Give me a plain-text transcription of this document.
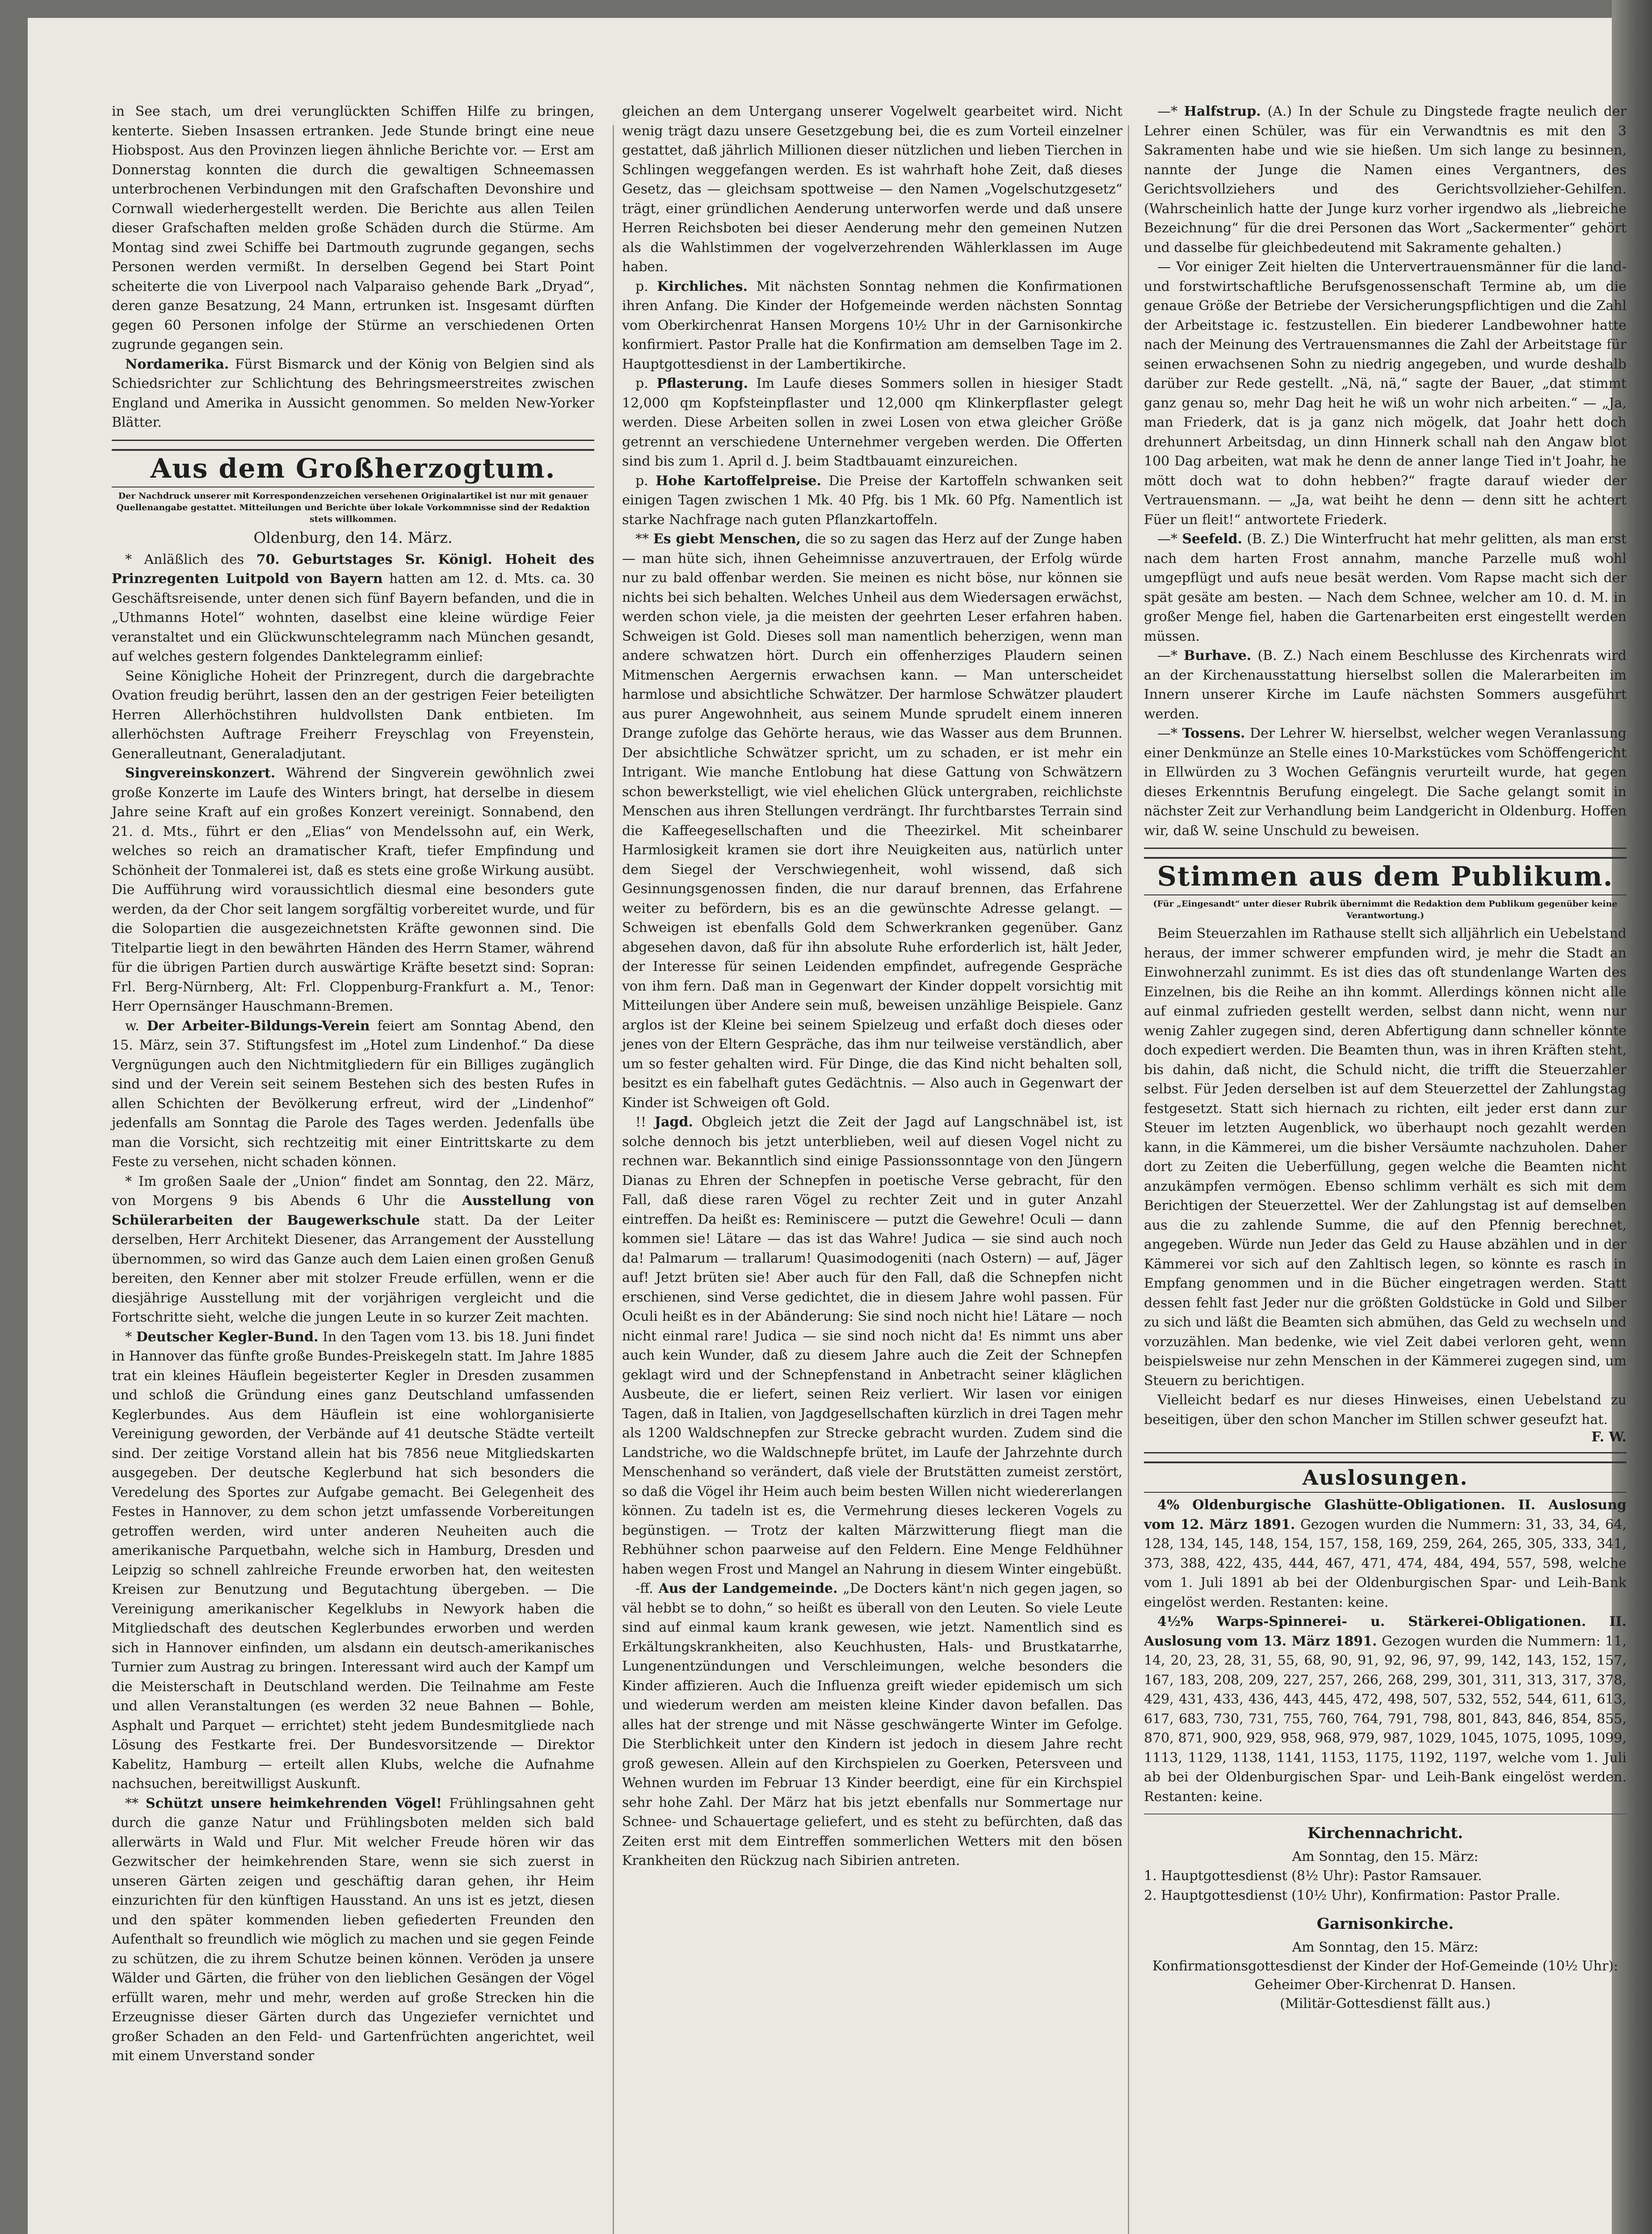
in See stach, um drei verunglückten Schiffen Hilfe zu bringen, kenterte. Sieben Insassen ertranken. Jede Stunde bringt eine neue Hiobspost. Aus den Provinzen liegen ähnliche Berichte vor. — Erst am Donnerstag konnten die durch die gewaltigen Schneemassen unterbrochenen Verbindungen mit den Grafschaften Devonshire und Cornwall wiederhergestellt werden. Die Berichte aus allen Teilen dieser Grafschaften melden große Schäden durch die Stürme. Am Montag sind zwei Schiffe bei Dartmouth zugrunde gegangen, sechs Personen werden vermißt. In derselben Gegend bei Start Point scheiterte die von Liverpool nach Valparaiso gehende Bark „Dryad“, deren ganze Besatzung, 24 Mann, ertrunken ist. Insgesamt dürften gegen 60 Personen infolge der Stürme an verschiedenen Orten zugrunde gegangen sein.

Nordamerika. Fürst Bismarck und der König von Belgien sind als Schiedsrichter zur Schlichtung des Behringsmeerstreites zwischen England und Amerika in Aussicht genommen. So melden New-Yorker Blätter.

Aus dem Großherzogtum.
Der Nachdruck unserer mit Korrespondenzzeichen versehenen Originalartikel ist nur mit genauer Quellenangabe gestattet. Mitteilungen und Berichte über lokale Vorkommnisse sind der Redaktion stets willkommen.
Oldenburg, den 14. März.

* Anläßlich des 70. Geburtstages Sr. Königl. Hoheit des Prinzregenten Luitpold von Bayern hatten am 12. d. Mts. ca. 30 Geschäftsreisende, unter denen sich fünf Bayern befanden, und die in „Uthmanns Hotel“ wohnten, daselbst eine kleine würdige Feier veranstaltet und ein Glückwunschtelegramm nach München gesandt, auf welches gestern folgendes Danktelegramm einlief:

Seine Königliche Hoheit der Prinzregent, durch die dargebrachte Ovation freudig berührt, lassen den an der gestrigen Feier beteiligten Herren Allerhöchstihren huldvollsten Dank entbieten. Im allerhöchsten Auftrage Freiherr Freyschlag von Freyenstein, Generalleutnant, Generaladjutant.

Singvereinskonzert. Während der Singverein gewöhnlich zwei große Konzerte im Laufe des Winters bringt, hat derselbe in diesem Jahre seine Kraft auf ein großes Konzert vereinigt. Sonnabend, den 21. d. Mts., führt er den „Elias“ von Mendelssohn auf, ein Werk, welches so reich an dramatischer Kraft, tiefer Empfindung und Schönheit der Tonmalerei ist, daß es stets eine große Wirkung ausübt. Die Aufführung wird voraussichtlich diesmal eine besonders gute werden, da der Chor seit langem sorgfältig vorbereitet wurde, und für die Solopartien die ausgezeichnetsten Kräfte gewonnen sind. Die Titelpartie liegt in den bewährten Händen des Herrn Stamer, während für die übrigen Partien durch auswärtige Kräfte besetzt sind: Sopran: Frl. Berg-Nürnberg, Alt: Frl. Cloppenburg-Frankfurt a. M., Tenor: Herr Opernsänger Hauschmann-Bremen.

w. Der Arbeiter-Bildungs-Verein feiert am Sonntag Abend, den 15. März, sein 37. Stiftungsfest im „Hotel zum Lindenhof.“ Da diese Vergnügungen auch den Nichtmitgliedern für ein Billiges zugänglich sind und der Verein seit seinem Bestehen sich des besten Rufes in allen Schichten der Bevölkerung erfreut, wird der „Lindenhof“ jedenfalls am Sonntag die Parole des Tages werden. Jedenfalls übe man die Vorsicht, sich rechtzeitig mit einer Eintrittskarte zu dem Feste zu versehen, nicht schaden können.

* Im großen Saale der „Union“ findet am Sonntag, den 22. März, von Morgens 9 bis Abends 6 Uhr die Ausstellung von Schülerarbeiten der Baugewerkschule statt. Da der Leiter derselben, Herr Architekt Diesener, das Arrangement der Ausstellung übernommen, so wird das Ganze auch dem Laien einen großen Genuß bereiten, den Kenner aber mit stolzer Freude erfüllen, wenn er die diesjährige Ausstellung mit der vorjährigen vergleicht und die Fortschritte sieht, welche die jungen Leute in so kurzer Zeit machten.

* Deutscher Kegler-Bund. In den Tagen vom 13. bis 18. Juni findet in Hannover das fünfte große Bundes-Preiskegeln statt. Im Jahre 1885 trat ein kleines Häuflein begeisterter Kegler in Dresden zusammen und schloß die Gründung eines ganz Deutschland umfassenden Keglerbundes. Aus dem Häuflein ist eine wohlorganisierte Vereinigung geworden, der Verbände auf 41 deutsche Städte verteilt sind. Der zeitige Vorstand allein hat bis 7856 neue Mitgliedskarten ausgegeben. Der deutsche Keglerbund hat sich besonders die Veredelung des Sportes zur Aufgabe gemacht. Bei Gelegenheit des Festes in Hannover, zu dem schon jetzt umfassende Vorbereitungen getroffen werden, wird unter anderen Neuheiten auch die amerikanische Parquetbahn, welche sich in Hamburg, Dresden und Leipzig so schnell zahlreiche Freunde erworben hat, den weitesten Kreisen zur Benutzung und Begutachtung übergeben. — Die Vereinigung amerikanischer Kegelklubs in Newyork haben die Mitgliedschaft des deutschen Keglerbundes erworben und werden sich in Hannover einfinden, um alsdann ein deutsch-amerikanisches Turnier zum Austrag zu bringen. Interessant wird auch der Kampf um die Meisterschaft in Deutschland werden. Die Teilnahme am Feste und allen Veranstaltungen (es werden 32 neue Bahnen — Bohle, Asphalt und Parquet — errichtet) steht jedem Bundesmitgliede nach Lösung des Festkarte frei. Der Bundesvorsitzende — Direktor Kabelitz, Hamburg — erteilt allen Klubs, welche die Aufnahme nachsuchen, bereitwilligst Auskunft.

** Schützt unsere heimkehrenden Vögel! Frühlingsahnen geht durch die ganze Natur und Frühlingsboten melden sich bald allerwärts in Wald und Flur. Mit welcher Freude hören wir das Gezwitscher der heimkehrenden Stare, wenn sie sich zuerst in unseren Gärten zeigen und geschäftig daran gehen, ihr Heim einzurichten für den künftigen Hausstand. An uns ist es jetzt, diesen und den später kommenden lieben gefiederten Freunden den Aufenthalt so freundlich wie möglich zu machen und sie gegen Feinde zu schützen, die zu ihrem Schutze beinen können. Veröden ja unsere Wälder und Gärten, die früher von den lieblichen Gesängen der Vögel erfüllt waren, mehr und mehr, werden auf große Strecken hin die Erzeugnisse dieser Gärten durch das Ungeziefer vernichtet und großer Schaden an den Feld- und Gartenfrüchten angerichtet, weil mit einem Unverstand sonder

gleichen an dem Untergang unserer Vogelwelt gearbeitet wird. Nicht wenig trägt dazu unsere Gesetzgebung bei, die es zum Vorteil einzelner gestattet, daß jährlich Millionen dieser nützlichen und lieben Tierchen in Schlingen weggefangen werden. Es ist wahrhaft hohe Zeit, daß dieses Gesetz, das — gleichsam spottweise — den Namen „Vogelschutzgesetz“ trägt, einer gründlichen Aenderung unterworfen werde und daß unsere Herren Reichsboten bei dieser Aenderung mehr den gemeinen Nutzen als die Wahlstimmen der vogelverzehrenden Wählerklassen im Auge haben.

p. Kirchliches. Mit nächsten Sonntag nehmen die Konfirmationen ihren Anfang. Die Kinder der Hofgemeinde werden nächsten Sonntag vom Oberkirchenrat Hansen Morgens 10½ Uhr in der Garnisonkirche konfirmiert. Pastor Pralle hat die Konfirmation am demselben Tage im 2. Hauptgottesdienst in der Lambertikirche.

p. Pflasterung. Im Laufe dieses Sommers sollen in hiesiger Stadt 12,000 qm Kopfsteinpflaster und 12,000 qm Klinkerpflaster gelegt werden. Diese Arbeiten sollen in zwei Losen von etwa gleicher Größe getrennt an verschiedene Unternehmer vergeben werden. Die Offerten sind bis zum 1. April d. J. beim Stadtbauamt einzureichen.

p. Hohe Kartoffelpreise. Die Preise der Kartoffeln schwanken seit einigen Tagen zwischen 1 Mk. 40 Pfg. bis 1 Mk. 60 Pfg. Namentlich ist starke Nachfrage nach guten Pflanzkartoffeln.

** Es giebt Menschen, die so zu sagen das Herz auf der Zunge haben — man hüte sich, ihnen Geheimnisse anzuvertrauen, der Erfolg würde nur zu bald offenbar werden. Sie meinen es nicht böse, nur können sie nichts bei sich behalten. Welches Unheil aus dem Wiedersagen erwächst, werden schon viele, ja die meisten der geehrten Leser erfahren haben. Schweigen ist Gold. Dieses soll man namentlich beherzigen, wenn man andere schwatzen hört. Durch ein offenherziges Plaudern seinen Mitmenschen Aergernis erwachsen kann. — Man unterscheidet harmlose und absichtliche Schwätzer. Der harmlose Schwätzer plaudert aus purer Angewohnheit, aus seinem Munde sprudelt einem inneren Drange zufolge das Gehörte heraus, wie das Wasser aus dem Brunnen. Der absichtliche Schwätzer spricht, um zu schaden, er ist mehr ein Intrigant. Wie manche Entlobung hat diese Gattung von Schwätzern schon bewerkstelligt, wie viel ehelichen Glück untergraben, reichlichste Menschen aus ihren Stellungen verdrängt. Ihr furchtbarstes Terrain sind die Kaffeegesellschaften und die Theezirkel. Mit scheinbarer Harmlosigkeit kramen sie dort ihre Neuigkeiten aus, natürlich unter dem Siegel der Verschwiegenheit, wohl wissend, daß sich Gesinnungsgenossen finden, die nur darauf brennen, das Erfahrene weiter zu befördern, bis es an die gewünschte Adresse gelangt. — Schweigen ist ebenfalls Gold dem Schwerkranken gegenüber. Ganz abgesehen davon, daß für ihn absolute Ruhe erforderlich ist, hält Jeder, der Interesse für seinen Leidenden empfindet, aufregende Gespräche von ihm fern. Daß man in Gegenwart der Kinder doppelt vorsichtig mit Mitteilungen über Andere sein muß, beweisen unzählige Beispiele. Ganz arglos ist der Kleine bei seinem Spielzeug und erfaßt doch dieses oder jenes von der Eltern Gespräche, das ihm nur teilweise verständlich, aber um so fester gehalten wird. Für Dinge, die das Kind nicht behalten soll, besitzt es ein fabelhaft gutes Gedächtnis. — Also auch in Gegenwart der Kinder ist Schweigen oft Gold.

!! Jagd. Obgleich jetzt die Zeit der Jagd auf Langschnäbel ist, ist solche dennoch bis jetzt unterblieben, weil auf diesen Vogel nicht zu rechnen war. Bekanntlich sind einige Passionssonntage von den Jüngern Dianas zu Ehren der Schnepfen in poetische Verse gebracht, für den Fall, daß diese raren Vögel zu rechter Zeit und in guter Anzahl eintreffen. Da heißt es: Reminiscere — putzt die Gewehre! Oculi — dann kommen sie! Lätare — das ist das Wahre! Judica — sie sind auch noch da! Palmarum — trallarum! Quasimodogeniti (nach Ostern) — auf, Jäger auf! Jetzt brüten sie! Aber auch für den Fall, daß die Schnepfen nicht erschienen, sind Verse gedichtet, die in diesem Jahre wohl passen. Für Oculi heißt es in der Abänderung: Sie sind noch nicht hie! Lätare — noch nicht einmal rare! Judica — sie sind noch nicht da! Es nimmt uns aber auch kein Wunder, daß zu diesem Jahre auch die Zeit der Schnepfen geklagt wird und der Schnepfenstand in Anbetracht seiner kläglichen Ausbeute, die er liefert, seinen Reiz verliert. Wir lasen vor einigen Tagen, daß in Italien, von Jagdgesellschaften kürzlich in drei Tagen mehr als 1200 Waldschnepfen zur Strecke gebracht wurden. Zudem sind die Landstriche, wo die Waldschnepfe brütet, im Laufe der Jahrzehnte durch Menschenhand so verändert, daß viele der Brutstätten zumeist zerstört, so daß die Vögel ihr Heim auch beim besten Willen nicht wiedererlangen können. Zu tadeln ist es, die Vermehrung dieses leckeren Vogels zu begünstigen. — Trotz der kalten Märzwitterung fliegt man die Rebhühner schon paarweise auf den Feldern. Eine Menge Feldhühner haben wegen Frost und Mangel an Nahrung in diesem Winter eingebüßt.

-ff. Aus der Landgemeinde. „De Docters känt'n nich gegen jagen, so väl hebbt se to dohn,“ so heißt es überall von den Leuten. So viele Leute sind auf einmal kaum krank gewesen, wie jetzt. Namentlich sind es Erkältungskrankheiten, also Keuchhusten, Hals- und Brustkatarrhe, Lungenentzündungen und Verschleimungen, welche besonders die Kinder affizieren. Auch die Influenza greift wieder epidemisch um sich und wiederum werden am meisten kleine Kinder davon befallen. Das alles hat der strenge und mit Nässe geschwängerte Winter im Gefolge. Die Sterblichkeit unter den Kindern ist jedoch in diesem Jahre recht groß gewesen. Allein auf den Kirchspielen zu Goerken, Petersveen und Wehnen wurden im Februar 13 Kinder beerdigt, eine für ein Kirchspiel sehr hohe Zahl. Der März hat bis jetzt ebenfalls nur Sommertage nur Schnee- und Schauertage geliefert, und es steht zu befürchten, daß das Zeiten erst mit dem Eintreffen sommerlichen Wetters mit den bösen Krankheiten den Rückzug nach Sibirien antreten.

—* Halfstrup. (A.) In der Schule zu Dingstede fragte neulich der Lehrer einen Schüler, was für ein Verwandtnis es mit den 3 Sakramenten habe und wie sie hießen. Um sich lange zu besinnen, nannte der Junge die Namen eines Vergantners, des Gerichtsvollziehers und des Gerichtsvollzieher-Gehilfen. (Wahrscheinlich hatte der Junge kurz vorher irgendwo als „liebreiche Bezeichnung“ für die drei Personen das Wort „Sackermenter“ gehört und dasselbe für gleichbedeutend mit Sakramente gehalten.)

— Vor einiger Zeit hielten die Untervertrauensmänner für die land- und forstwirtschaftliche Berufsgenossenschaft Termine ab, um die genaue Größe der Betriebe der Versicherungspflichtigen und die Zahl der Arbeitstage ic. festzustellen. Ein biederer Landbewohner hatte nach der Meinung des Vertrauensmannes die Zahl der Arbeitstage für seinen erwachsenen Sohn zu niedrig angegeben, und wurde deshalb darüber zur Rede gestellt. „Nä, nä,“ sagte der Bauer, „dat stimmt ganz genau so, mehr Dag heit he wiß un wohr nich arbeiten.“ — „Ja, man Friederk, dat is ja ganz nich mögelk, dat Joahr hett doch drehunnert Arbeitsdag, un dinn Hinnerk schall nah den Angaw blot 100 Dag arbeiten, wat mak he denn de anner lange Tied in't Joahr, he mött doch wat to dohn hebben?“ fragte darauf wieder der Vertrauensmann. — „Ja, wat beiht he denn — denn sitt he achtert Füer un fleit!“ antwortete Friederk.

—* Seefeld. (B. Z.) Die Winterfrucht hat mehr gelitten, als man erst nach dem harten Frost annahm, manche Parzelle muß wohl umgepflügt und aufs neue besät werden. Vom Rapse macht sich der spät gesäte am besten. — Nach dem Schnee, welcher am 10. d. M. in großer Menge fiel, haben die Gartenarbeiten erst eingestellt werden müssen.

—* Burhave. (B. Z.) Nach einem Beschlusse des Kirchenrats wird an der Kirchenausstattung hierselbst sollen die Malerarbeiten im Innern unserer Kirche im Laufe nächsten Sommers ausgeführt werden.

—* Tossens. Der Lehrer W. hierselbst, welcher wegen Veranlassung einer Denkmünze an Stelle eines 10-Markstückes vom Schöffengericht in Ellwürden zu 3 Wochen Gefängnis verurteilt wurde, hat gegen dieses Erkenntnis Berufung eingelegt. Die Sache gelangt somit in nächster Zeit zur Verhandlung beim Landgericht in Oldenburg. Hoffen wir, daß W. seine Unschuld zu beweisen.

Stimmen aus dem Publikum.
(Für „Eingesandt“ unter dieser Rubrik übernimmt die Redaktion dem Publikum gegenüber keine Verantwortung.)

Beim Steuerzahlen im Rathause stellt sich alljährlich ein Uebelstand heraus, der immer schwerer empfunden wird, je mehr die Stadt an Einwohnerzahl zunimmt. Es ist dies das oft stundenlange Warten des Einzelnen, bis die Reihe an ihn kommt. Allerdings können nicht alle auf einmal zufrieden gestellt werden, selbst dann nicht, wenn nur wenig Zahler zugegen sind, deren Abfertigung dann schneller könnte doch expediert werden. Die Beamten thun, was in ihren Kräften steht, bis dahin, daß nicht, die Schuld nicht, die trifft die Steuerzahler selbst. Für Jeden derselben ist auf dem Steuerzettel der Zahlungstag festgesetzt. Statt sich hiernach zu richten, eilt jeder erst dann zur Steuer im letzten Augenblick, wo überhaupt noch gezahlt werden kann, in die Kämmerei, um die bisher Versäumte nachzuholen. Daher dort zu Zeiten die Ueberfüllung, gegen welche die Beamten nicht anzukämpfen vermögen. Ebenso schlimm verhält es sich mit dem Berichtigen der Steuerzettel. Wer der Zahlungstag ist auf demselben aus die zu zahlende Summe, die auf den Pfennig berechnet, angegeben. Würde nun Jeder das Geld zu Hause abzählen und in der Kämmerei vor sich auf den Zahltisch legen, so könnte es rasch in Empfang genommen und in die Bücher eingetragen werden. Statt dessen fehlt fast Jeder nur die größten Goldstücke in Gold und Silber zu sich und läßt die Beamten sich abmühen, das Geld zu wechseln und vorzuzählen. Man bedenke, wie viel Zeit dabei verloren geht, wenn beispielsweise nur zehn Menschen in der Kämmerei zugegen sind, um Steuern zu berichtigen.

Vielleicht bedarf es nur dieses Hinweises, einen Uebelstand zu beseitigen, über den schon Mancher im Stillen schwer geseufzt hat.

F. W.

Auslosungen.

4% Oldenburgische Glashütte-Obligationen. II. Auslosung vom 12. März 1891. Gezogen wurden die Nummern: 31, 33, 34, 64, 128, 134, 145, 148, 154, 157, 158, 169, 259, 264, 265, 305, 333, 341, 373, 388, 422, 435, 444, 467, 471, 474, 484, 494, 557, 598, welche vom 1. Juli 1891 ab bei der Oldenburgischen Spar- und Leih-Bank eingelöst werden. Restanten: keine.

4½% Warps-Spinnerei- u. Stärkerei-Obligationen. II. Auslosung vom 13. März 1891. Gezogen wurden die Nummern: 11, 14, 20, 23, 28, 31, 55, 68, 90, 91, 92, 96, 97, 99, 142, 143, 152, 157, 167, 183, 208, 209, 227, 257, 266, 268, 299, 301, 311, 313, 317, 378, 429, 431, 433, 436, 443, 445, 472, 498, 507, 532, 552, 544, 611, 613, 617, 683, 730, 731, 755, 760, 764, 791, 798, 801, 843, 846, 854, 855, 870, 871, 900, 929, 958, 968, 979, 987, 1029, 1045, 1075, 1095, 1099, 1113, 1129, 1138, 1141, 1153, 1175, 1192, 1197, welche vom 1. Juli ab bei der Oldenburgischen Spar- und Leih-Bank eingelöst werden. Restanten: keine.

Kirchennachricht.

Am Sonntag, den 15. März:

1. Hauptgottesdienst (8½ Uhr): Pastor Ramsauer.

2. Hauptgottesdienst (10½ Uhr), Konfirmation: Pastor Pralle.

Garnisonkirche.

Am Sonntag, den 15. März:

Konfirmationsgottesdienst der Kinder der Hof-Gemeinde (10½ Uhr): Geheimer Ober-Kirchenrat D. Hansen.

(Militär-Gottesdienst fällt aus.)
